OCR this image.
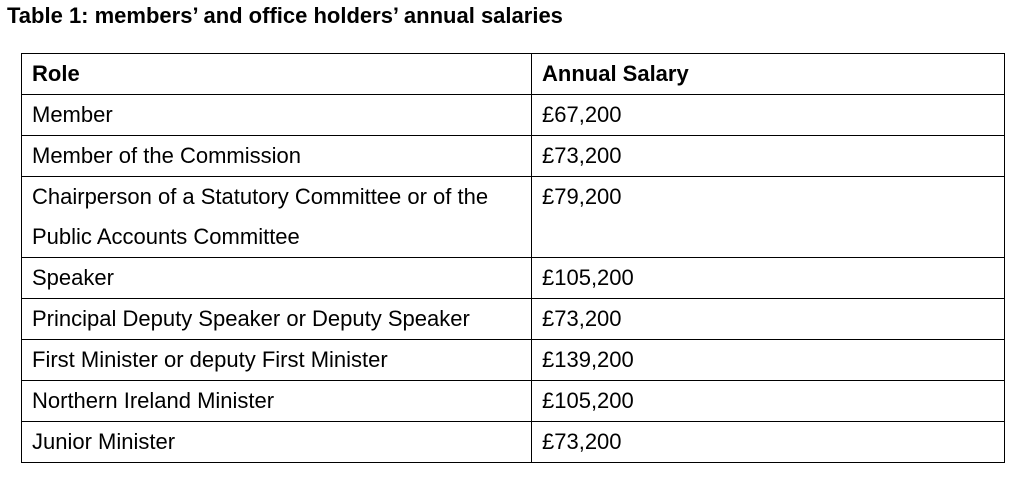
Table 1: members’ and office holders’ annual salaries
Role	Annual Salary
Member	£67,200
Member of the Commission	£73,200
Chairperson of a Statutory Committee or of the Public Accounts Committee	£79,200
Speaker	£105,200
Principal Deputy Speaker or Deputy Speaker	£73,200
First Minister or deputy First Minister	£139,200
Northern Ireland Minister	£105,200
Junior Minister	£73,200
